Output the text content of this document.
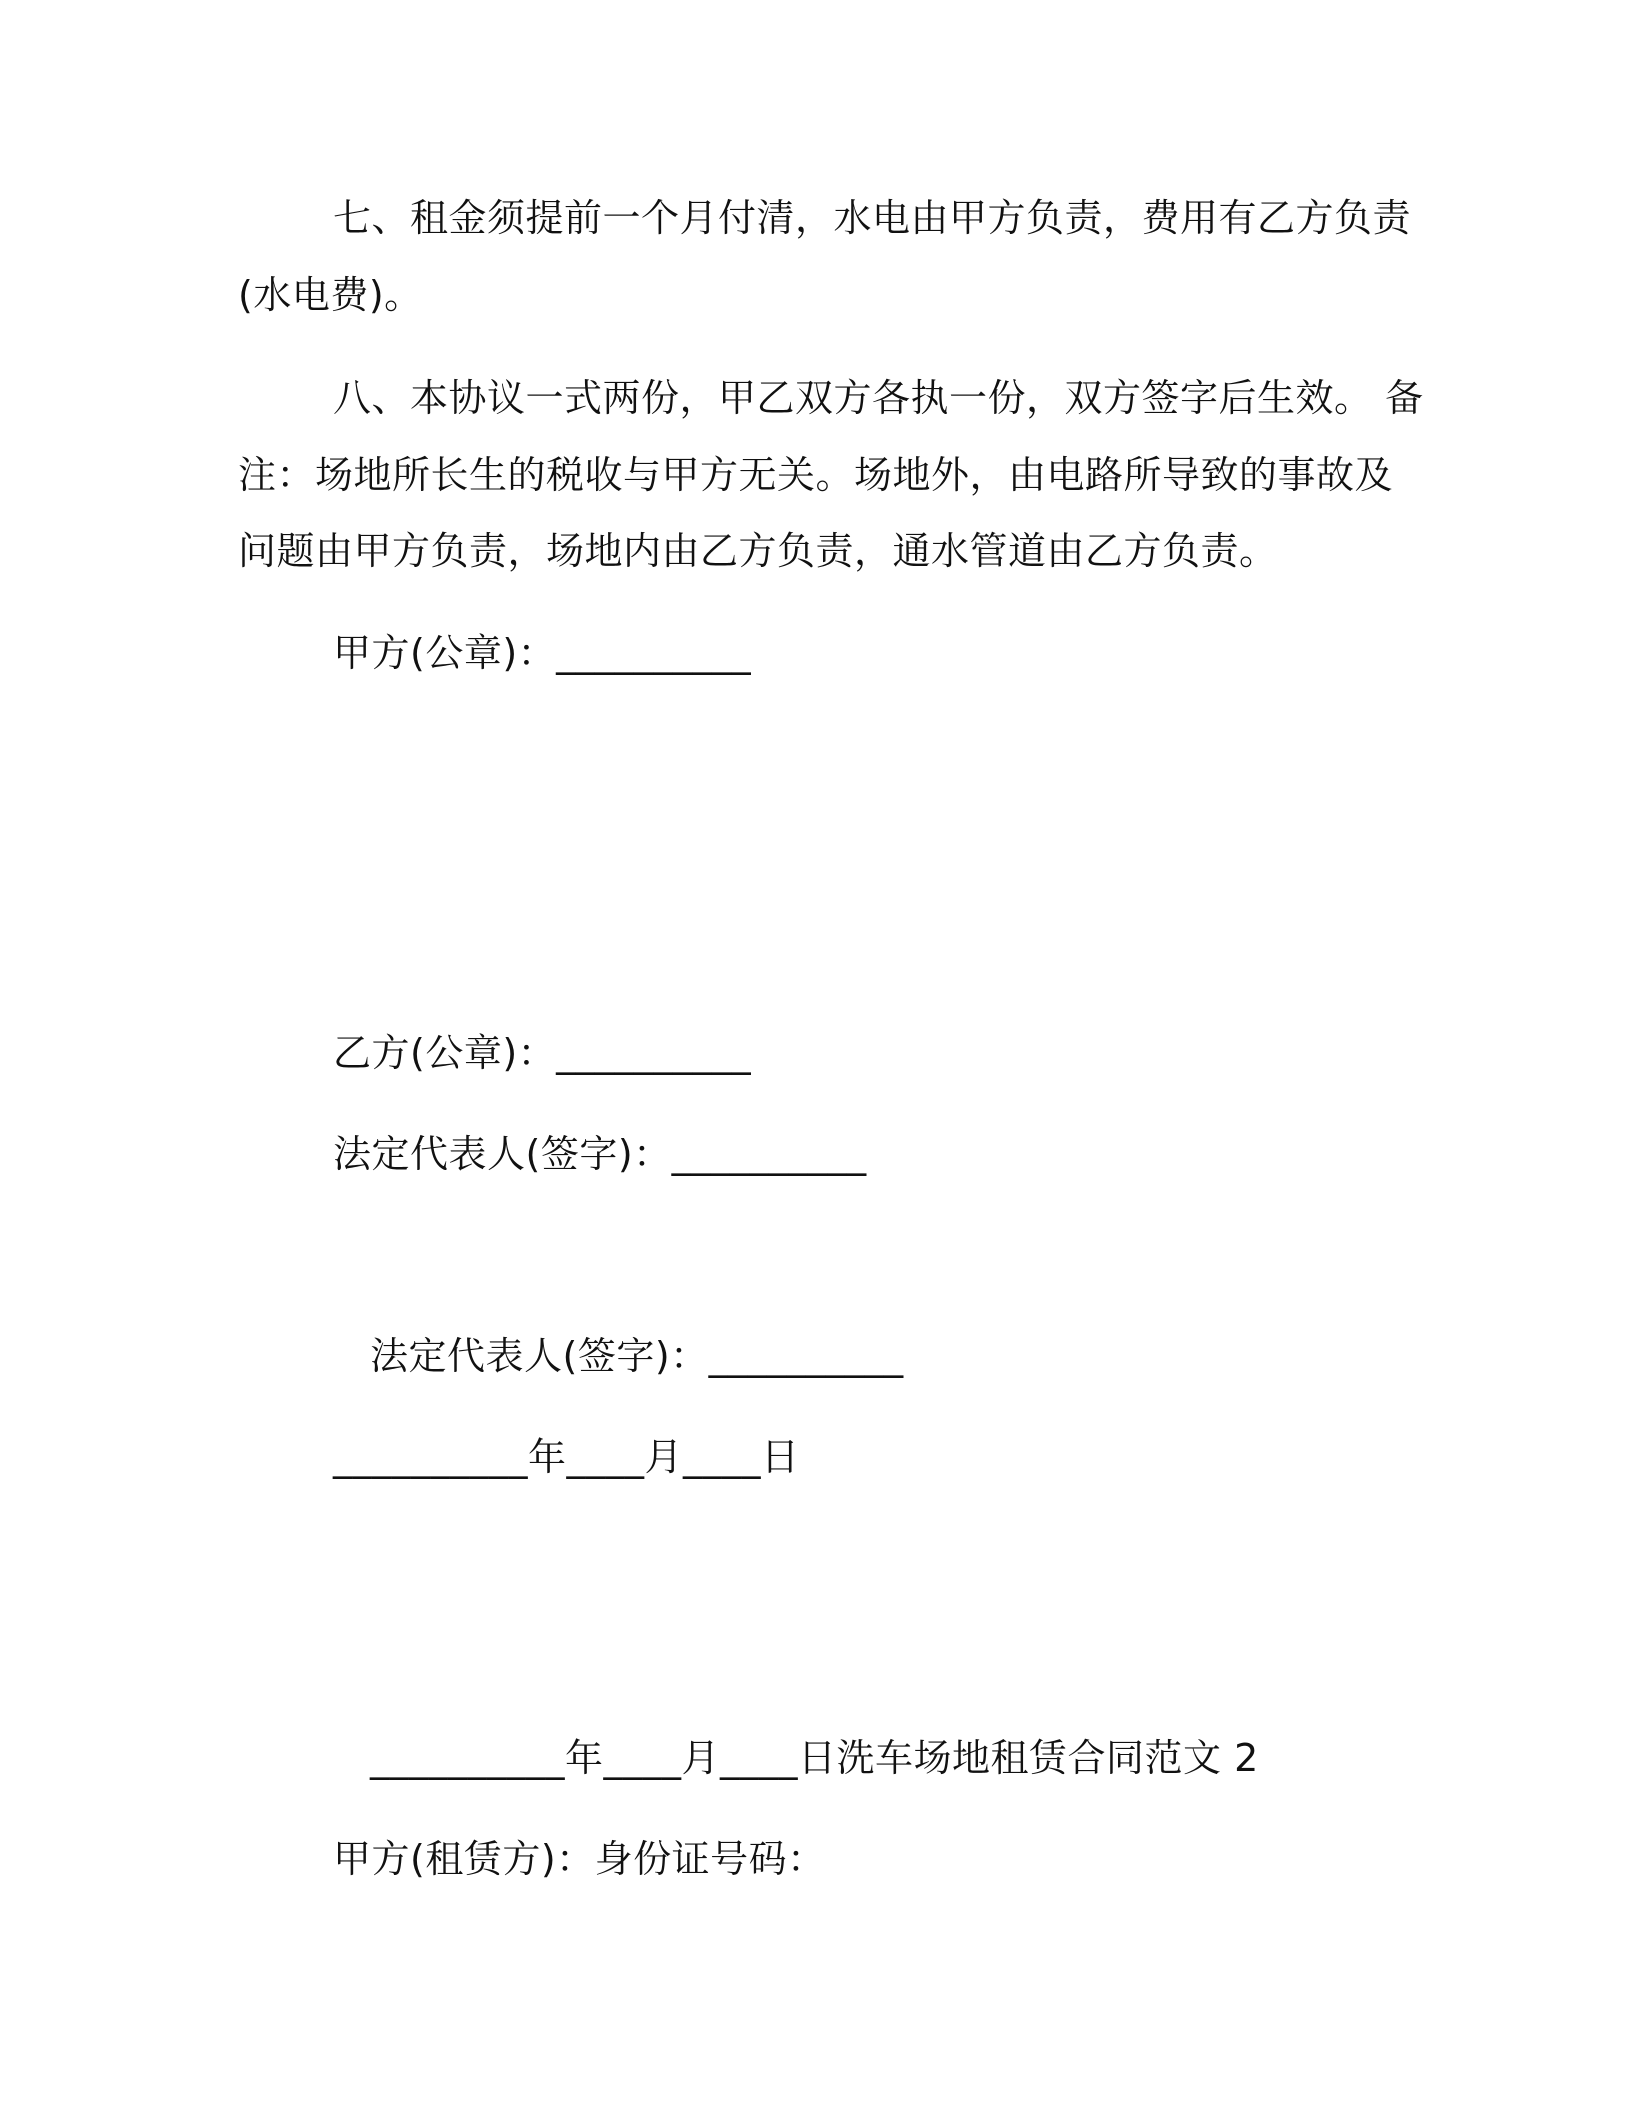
七、租金须提前一个月付清，水电由甲方负责，费用有乙方负责
(水电费)。
八、本协议一式两份，甲乙双方各执一份，双方签字后生效。 备
注：场地所长生的税收与甲方无关。场地外，由电路所导致的事故及
问题由甲方负责，场地内由乙方负责，通水管道由乙方负责。
甲方(公章)：__________
乙方(公章)：__________
法定代表人(签字)：__________
法定代表人(签字)：__________
__________年____月____日
__________年____月____日洗车场地租赁合同范文 2
甲方(租赁方)：身份证号码：
